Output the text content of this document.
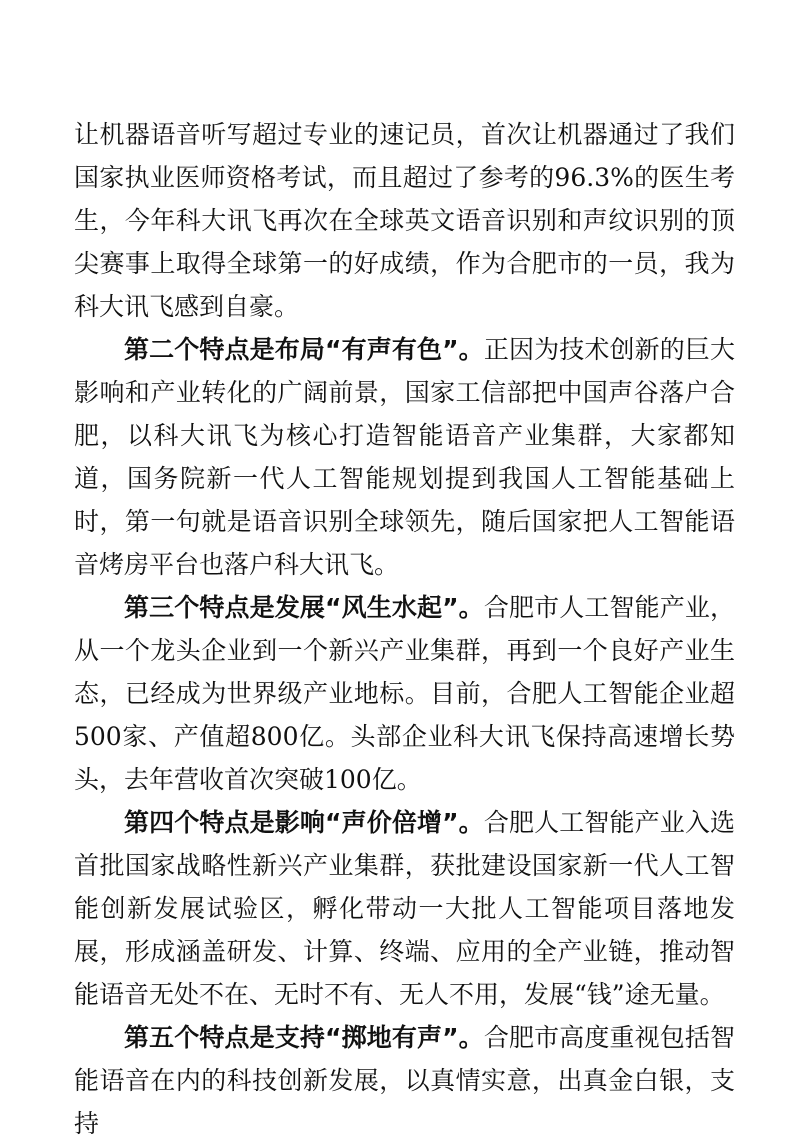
让机器语音听写超过专业的速记员，首次让机器通过了我们国家执业医师资格考试，而且超过了参考的96.3%的医生考生，今年科大讯飞再次在全球英文语音识别和声纹识别的顶尖赛事上取得全球第一的好成绩，作为合肥市的一员，我为科大讯飞感到自豪。

第二个特点是布局“有声有色”。正因为技术创新的巨大影响和产业转化的广阔前景，国家工信部把中国声谷落户合肥，以科大讯飞为核心打造智能语音产业集群，大家都知道，国务院新一代人工智能规划提到我国人工智能基础上时，第一句就是语音识别全球领先，随后国家把人工智能语音烤房平台也落户科大讯飞。

第三个特点是发展“风生水起”。合肥市人工智能产业，从一个龙头企业到一个新兴产业集群，再到一个良好产业生态，已经成为世界级产业地标。目前，合肥人工智能企业超500家、产值超800亿。头部企业科大讯飞保持高速增长势头，去年营收首次突破100亿。

第四个特点是影响“声价倍增”。合肥人工智能产业入选首批国家战略性新兴产业集群，获批建设国家新一代人工智能创新发展试验区，孵化带动一大批人工智能项目落地发展，形成涵盖研发、计算、终端、应用的全产业链，推动智能语音无处不在、无时不有、无人不用，发展“钱”途无量。

第五个特点是支持“掷地有声”。合肥市高度重视包括智能语音在内的科技创新发展，以真情实意，出真金白银，支持
